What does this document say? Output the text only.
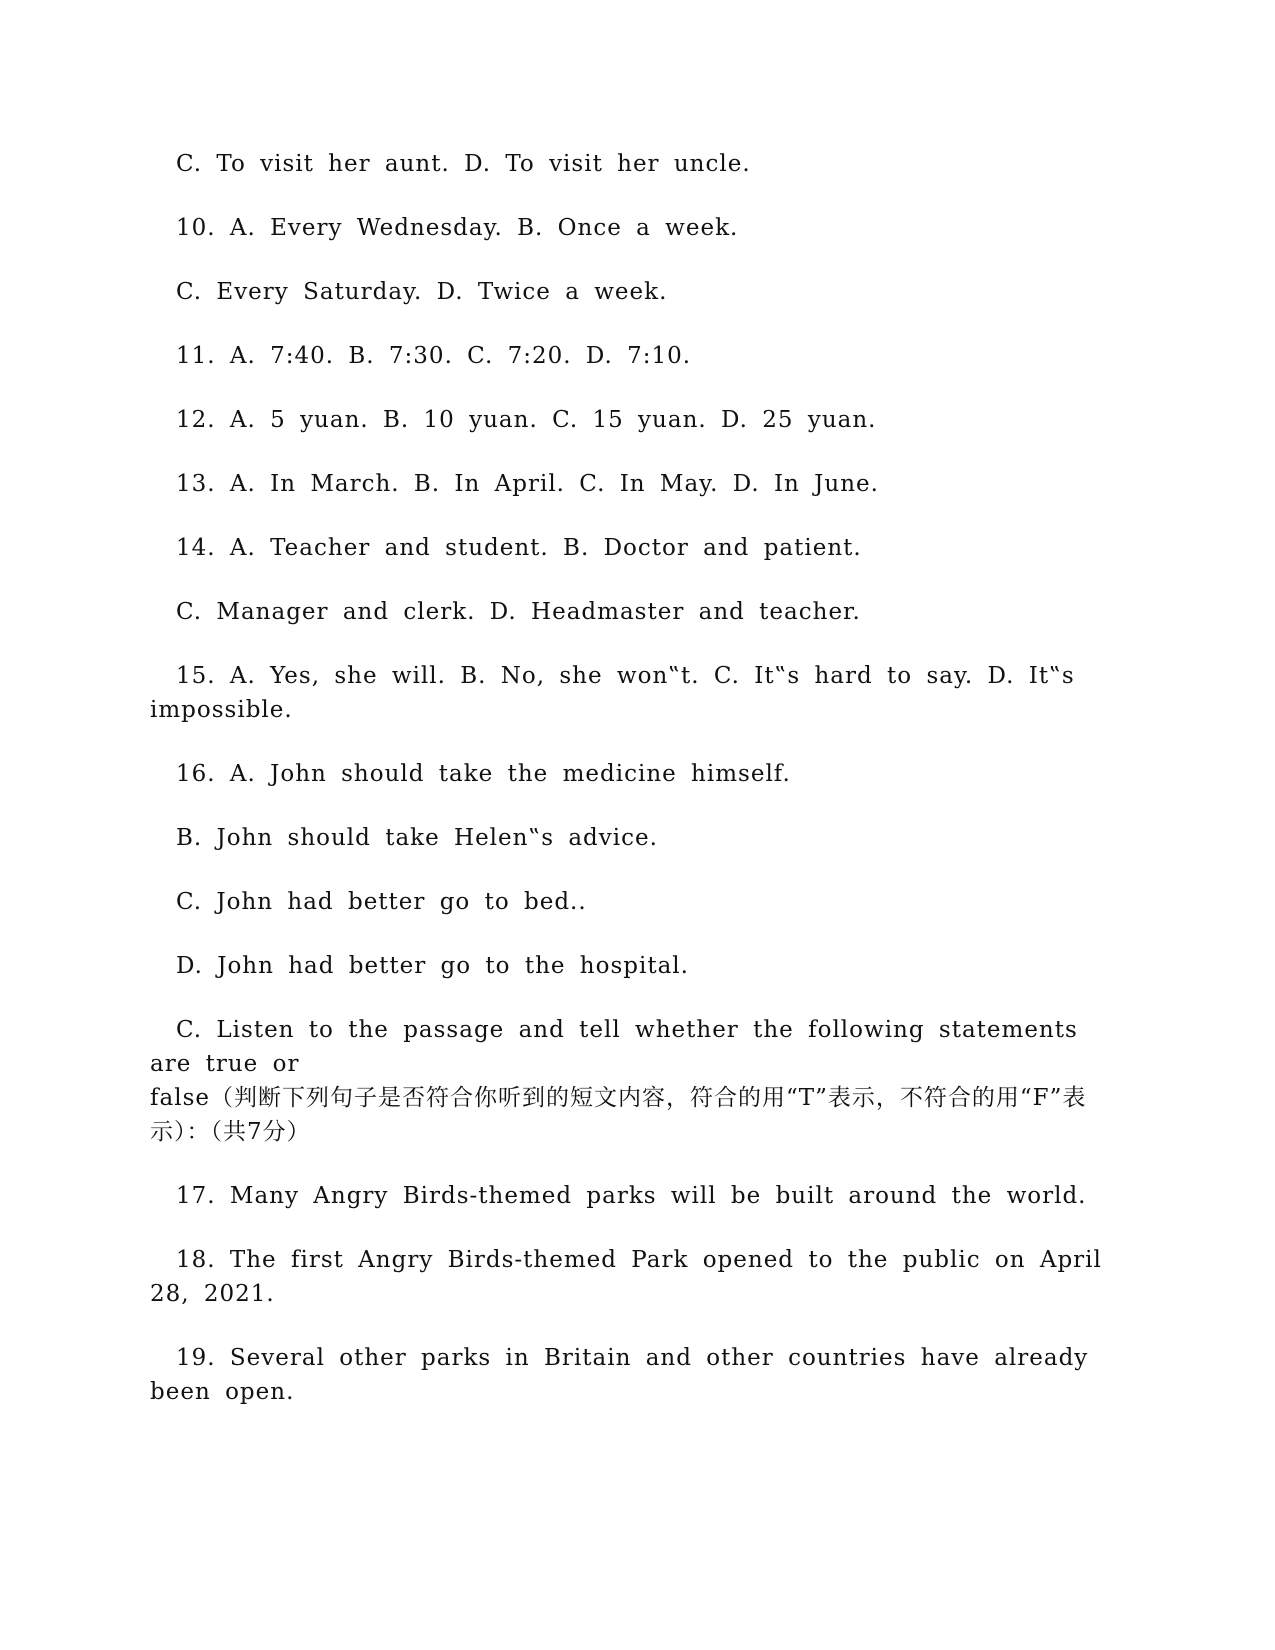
C. To visit her aunt. D. To visit her uncle.

10. A. Every Wednesday. B. Once a week.

C. Every Saturday. D. Twice a week.

11. A. 7:40. B. 7:30. C. 7:20. D. 7:10.

12. A. 5 yuan. B. 10 yuan. C. 15 yuan. D. 25 yuan.

13. A. In March. B. In April. C. In May. D. In June.

14. A. Teacher and student. B. Doctor and patient.

C. Manager and clerk. D. Headmaster and teacher.

15. A. Yes, she will. B. No, she won‟t. C. It‟s hard to say. D. It‟s impossible.

16. A. John should take the medicine himself.

B. John should take Helen‟s advice.

C. John had better go to bed..

D. John had better go to the hospital.

C. Listen to the passage and tell whether the following statements are true or

false（判断下列句子是否符合你听到的短文内容，符合的用“T”表示，不符合的用“F”表示）：（共7分）

17. Many Angry Birds-themed parks will be built around the world.

18. The first Angry Birds-themed Park opened to the public on April 28, 2021.

19. Several other parks in Britain and other countries have already been open.
